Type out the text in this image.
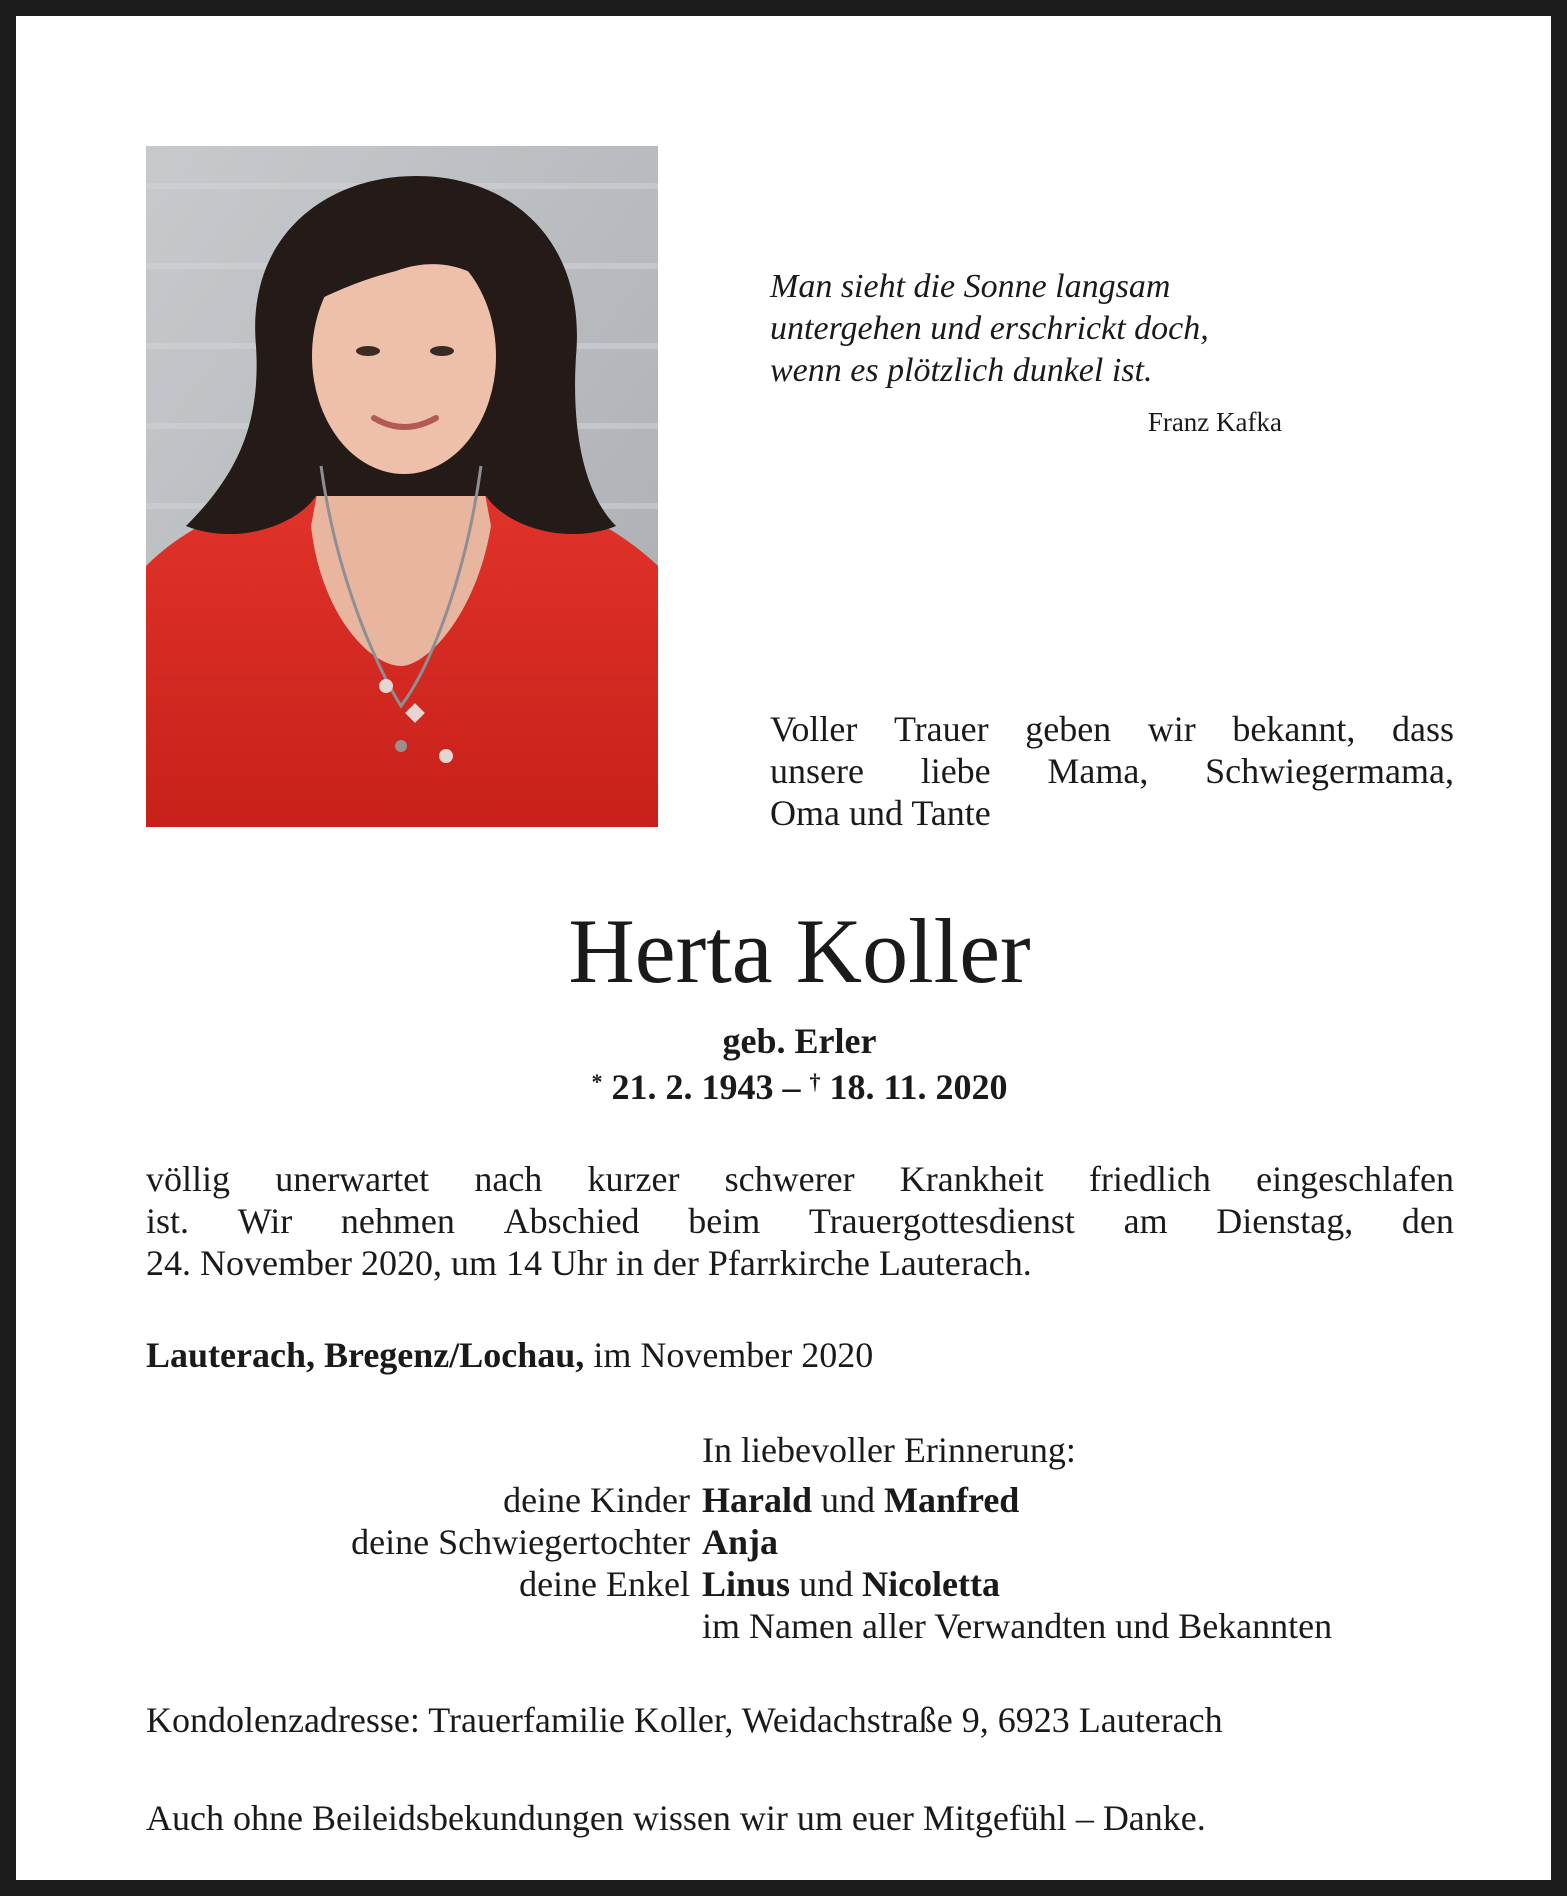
Man sieht die Sonne langsam
untergehen und erschrickt doch,
wenn es plötzlich dunkel ist.
Franz Kafka
Voller Trauer geben wir bekannt, dass
unsere liebe Mama, Schwiegermama,
Oma und Tante
Herta Koller
geb. Erler
* 21. 2. 1943 – † 18. 11. 2020
völlig unerwartet nach kurzer schwerer Krankheit friedlich eingeschlafen
ist. Wir nehmen Abschied beim Trauergottesdienst am Dienstag, den
24. November 2020, um 14 Uhr in der Pfarrkirche Lauterach.
Lauterach, Bregenz/Lochau, im November 2020
In liebevoller Erinnerung:
deine Kinder Harald und Manfred
deine Schwiegertochter Anja
deine Enkel Linus und Nicoletta
im Namen aller Verwandten und Bekannten
Kondolenzadresse: Trauerfamilie Koller, Weidachstraße 9, 6923 Lauterach
Auch ohne Beileidsbekundungen wissen wir um euer Mitgefühl – Danke.
